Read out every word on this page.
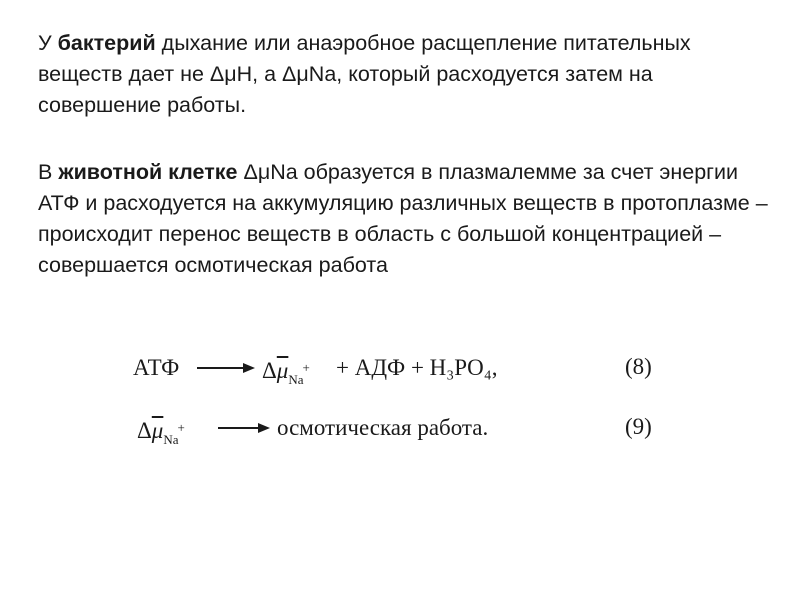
У бактерий дыхание или анаэробное расщепление питательных веществ дает не ΔμН, а ΔμNa, который расходуется затем на совершение работы.

В животной клетке ΔμNa образуется в плазмалемме за счет энергии АТФ и расходуется на аккумуляцию различных веществ в протоплазме – происходит перенос веществ в область с большой концентрацией – совершается осмотическая работа

АТФ	$\Delta\overline{\mu}_{Na}^+$ + АДФ + H₃PO₄,	(8)
$\Delta\overline{\mu}_{Na}^+$	осмотическая работа.	(9)
